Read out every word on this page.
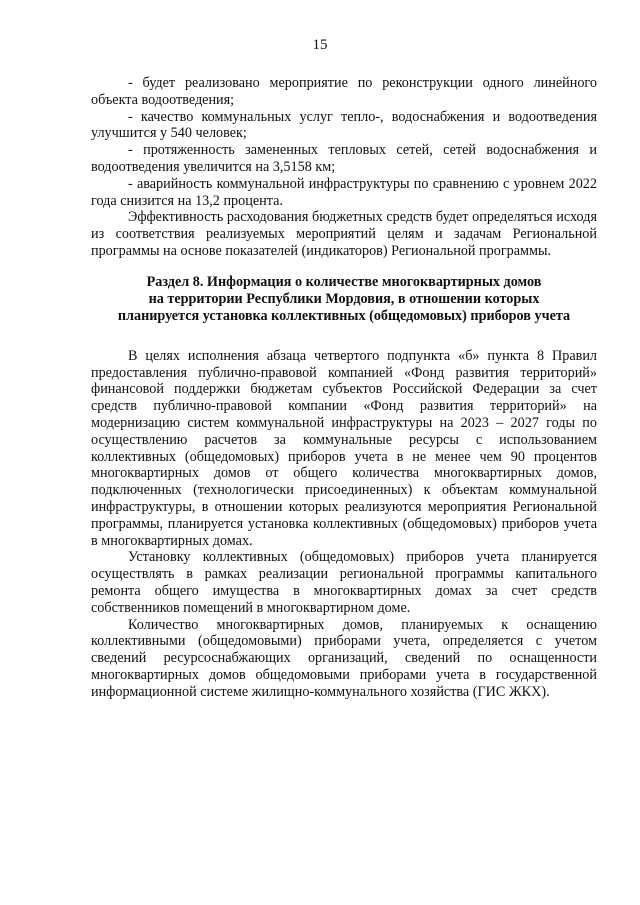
15

- будет реализовано мероприятие по реконструкции одного линейного объекта водоотведения;

- качество коммунальных услуг тепло-, водоснабжения и водоотведения улучшится у 540 человек;

- протяженность замененных тепловых сетей, сетей водоснабжения и водоотведения увеличится на 3,5158 км;

- аварийность коммунальной инфраструктуры по сравнению с уровнем 2022 года снизится на 13,2 процента.

Эффективность расходования бюджетных средств будет определяться исходя из соответствия реализуемых мероприятий целям и задачам Региональной программы на основе показателей (индикаторов) Региональной программы.

Раздел 8. Информация о количестве многоквартирных домов
на территории Республики Мордовия, в отношении которых
планируется установка коллективных (общедомовых) приборов учета

В целях исполнения абзаца четвертого подпункта «б» пункта 8 Правил предоставления публично-правовой компанией «Фонд развития территорий» финансовой поддержки бюджетам субъектов Российской Федерации за счет средств публично-правовой компании «Фонд развития территорий» на модернизацию систем коммунальной инфраструктуры на 2023 – 2027 годы по осуществлению расчетов за коммунальные ресурсы с использованием коллективных (общедомовых) приборов учета в не менее чем 90 процентов многоквартирных домов от общего количества многоквартирных домов, подключенных (технологически присоединенных) к объектам коммунальной инфраструктуры, в отношении которых реализуются мероприятия Региональной программы, планируется установка коллективных (общедомовых) приборов учета в многоквартирных домах.

Установку коллективных (общедомовых) приборов учета планируется осуществлять в рамках реализации региональной программы капитального ремонта общего имущества в многоквартирных домах за счет средств собственников помещений в многоквартирном доме.

Количество многоквартирных домов, планируемых к оснащению коллективными (общедомовыми) приборами учета, определяется с учетом сведений ресурсоснабжающих организаций, сведений по оснащенности многоквартирных домов общедомовыми приборами учета в государственной информационной системе жилищно-коммунального хозяйства (ГИС ЖКХ).
